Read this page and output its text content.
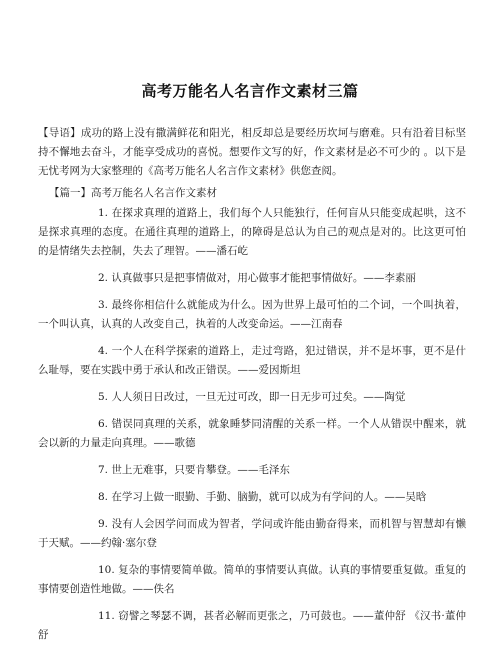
高考万能名人名言作文素材三篇
【导语】成功的路上没有撒满鲜花和阳光，相反却总是要经历坎坷与磨难。只有沿着目标坚持不懈地去奋斗，才能享受成功的喜悦。想要作文写的好，作文素材是必不可少的 。以下是无忧考网为大家整理的《高考万能名人名言作文素材》供您查阅。
【篇一】高考万能名人名言作文素材

1. 在探求真理的道路上，我们每个人只能独行，任何盲从只能变成起哄，这不是探求真理的态度。在通往真理的道路上，的障碍是总认为自己的观点是对的。比这更可怕的是情绪失去控制，失去了理智。——潘石屹

2. 认真做事只是把事情做对，用心做事才能把事情做好。——李素丽

3. 最终你相信什么就能成为什么。因为世界上最可怕的二个词，一个叫执着，一个叫认真，认真的人改变自己，执着的人改变命运。——江南春

4. 一个人在科学探索的道路上，走过弯路，犯过错误，并不是坏事，更不是什么耻辱，要在实践中勇于承认和改正错误。——爱因斯坦

5. 人人须日日改过，一旦无过可改，即一日无步可过矣。——陶觉

6. 错误同真理的关系，就象睡梦同清醒的关系一样。一个人从错误中醒来，就会以新的力量走向真理。——歌德

7. 世上无难事，只要肯攀登。——毛泽东

8. 在学习上做一眼勤、手勤、脑勤，就可以成为有学问的人。——吴晗

9. 没有人会因学问而成为智者，学问或许能由勤奋得来，而机智与智慧却有懒于天赋。——约翰·塞尔登

10. 复杂的事情要简单做。简单的事情要认真做。认真的事情要重复做。重复的事情要创造性地做。——佚名

11. 窃譬之琴瑟不调，甚者必解而更张之，乃可鼓也。——董仲舒 《汉书·董仲舒
